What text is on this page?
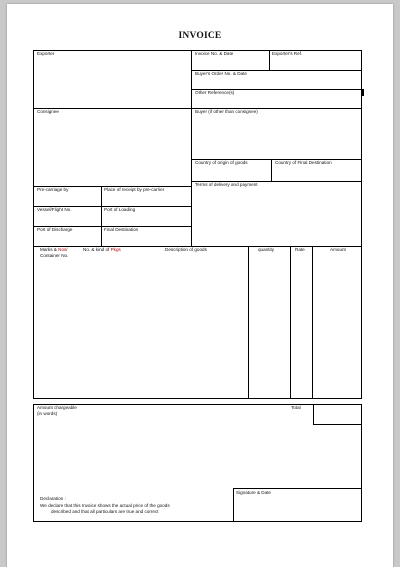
INVOICE
Exporter	Invoice No. & Date	Exporter's Ref.
Buyer's Order No. & Date
Other Reference(s)
Consignee	Buyer (if other than consignee)
Country of origin of goods	Country of Final Destination
Terms of delivery and payment
Pre-carriage by	Place of receipt by pre-carrier
Vessel/Flight No.	Port of Loading
Port of Discharge	Final Destination
Marks & Nos/
Container No.
No. & kind of Pkgs	Description of goods	quantity	Rate	Amount
Amount chargeable
(in words)
Total
Signature & Date
Declaration :
We declare that this Invoice shows the actual price of the goods
described and that all particulars are true and correct
